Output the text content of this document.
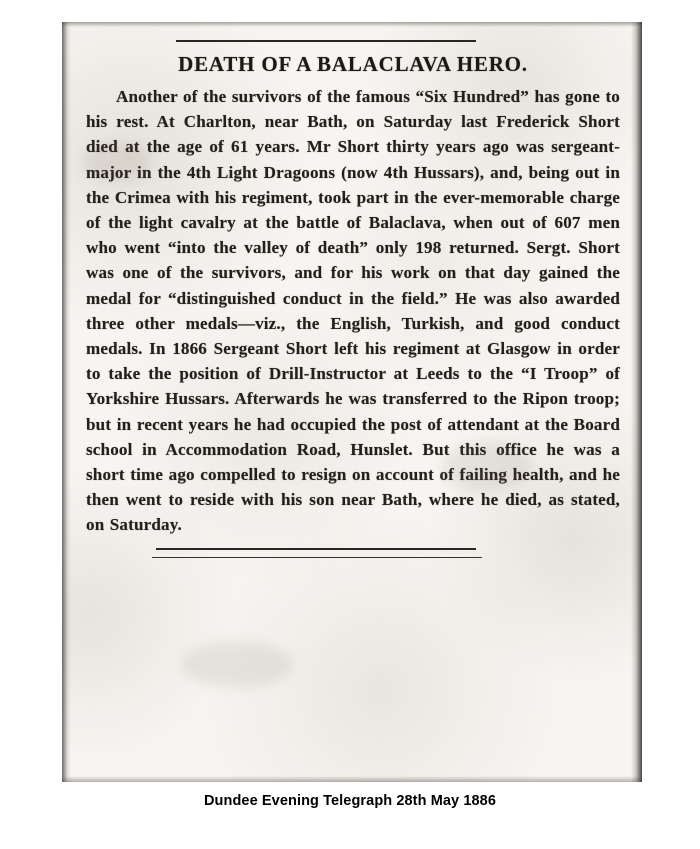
DEATH OF A BALACLAVA HERO.

Another of the survivors of the famous “Six Hundred” has gone to his rest. At Charlton, near Bath, on Saturday last Frederick Short died at the age of 61 years. Mr Short thirty years ago was sergeant-major in the 4th Light Dragoons (now 4th Hussars), and, being out in the Crimea with his regiment, took part in the ever-memorable charge of the light cavalry at the battle of Balaclava, when out of 607 men who went “into the valley of death” only 198 returned. Sergt. Short was one of the survivors, and for his work on that day gained the medal for “distinguished conduct in the field.” He was also awarded three other medals—viz., the English, Turkish, and good conduct medals. In 1866 Sergeant Short left his regiment at Glasgow in order to take the position of Drill-Instructor at Leeds to the “I Troop” of Yorkshire Hussars. Afterwards he was transferred to the Ripon troop; but in recent years he had occupied the post of attendant at the Board school in Accommodation Road, Hunslet. But this office he was a short time ago compelled to resign on account of failing health, and he then went to reside with his son near Bath, where he died, as stated, on Saturday.

Dundee Evening Telegraph 28th May 1886
